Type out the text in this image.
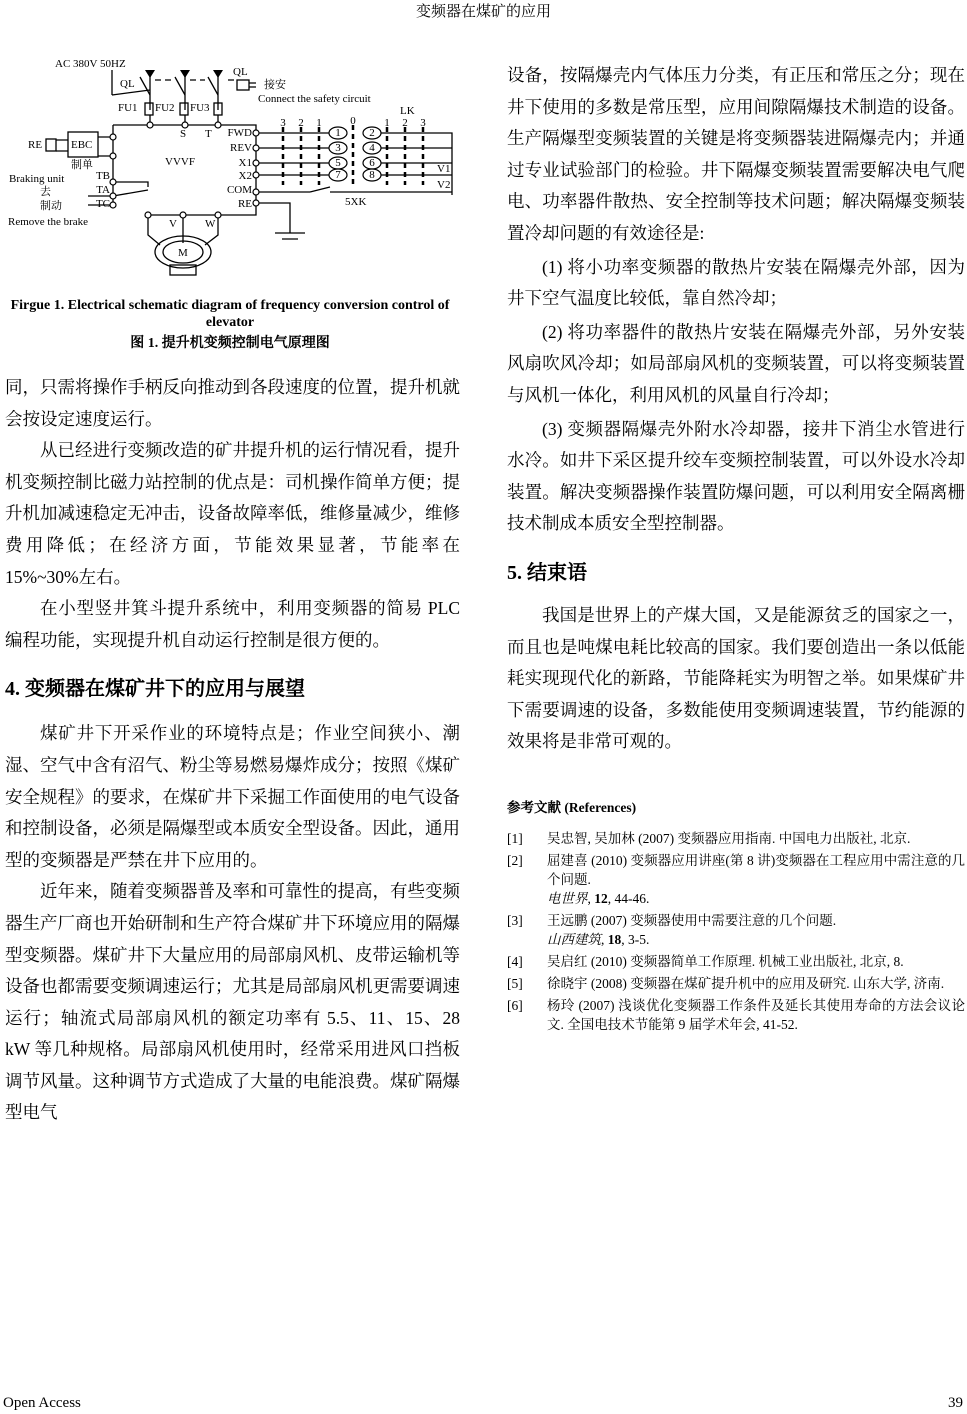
变频器在煤矿的应用
1	2
3	4
5	6
7	8
3 2 1	0	1 2 3
AC 380V 50HZ
QL
QL
接安
Connect the safety circuit
FU1 FU2 FU3	LK
S T FWD
REV
X1
X2
COM
RE
TB
TA
TC
RE	EBC
制单
Braking unit
去
制动
Remove the brake
VVVF
V	W
M
V1
V2
5XK
Firgue 1. Electrical schematic diagram of frequency conversion control of elevator
图 1. 提升机变频控制电气原理图

同，只需将操作手柄反向推动到各段速度的位置，提升机就会按设定速度运行。

从已经进行变频改造的矿井提升机的运行情况看，提升机变频控制比磁力站控制的优点是：司机操作简单方便；提升机加减速稳定无冲击，设备故障率低，维修量减少，维修费用降低；在经济方面，节能效果显著，节能率在 15%~30%左右。

在小型竖井箕斗提升系统中，利用变频器的简易 PLC 编程功能，实现提升机自动运行控制是很方便的。

4. 变频器在煤矿井下的应用与展望

煤矿井下开采作业的环境特点是；作业空间狭小、潮湿、空气中含有沼气、粉尘等易燃易爆炸成分；按照《煤矿安全规程》的要求，在煤矿井下采掘工作面使用的电气设备和控制设备，必须是隔爆型或本质安全型设备。因此，通用型的变频器是严禁在井下应用的。

近年来，随着变频器普及率和可靠性的提高，有些变频器生产厂商也开始研制和生产符合煤矿井下环境应用的隔爆型变频器。煤矿井下大量应用的局部扇风机、皮带运输机等设备也都需要变频调速运行；尤其是局部扇风机更需要调速运行；轴流式局部扇风机的额定功率有 5.5、11、15、28 kW 等几种规格。局部扇风机使用时，经常采用进风口挡板调节风量。这种调节方式造成了大量的电能浪费。煤矿隔爆型电气

设备，按隔爆壳内气体压力分类，有正压和常压之分；现在井下使用的多数是常压型，应用间隙隔爆技术制造的设备。生产隔爆型变频装置的关键是将变频器装进隔爆壳内；并通过专业试验部门的检验。井下隔爆变频装置需要解决电气爬电、功率器件散热、安全控制等技术问题；解决隔爆变频装置冷却问题的有效途径是:

(1) 将小功率变频器的散热片安装在隔爆壳外部，因为井下空气温度比较低，靠自然冷却；

(2) 将功率器件的散热片安装在隔爆壳外部，另外安装风扇吹风冷却；如局部扇风机的变频装置，可以将变频装置与风机一体化，利用风机的风量自行冷却；

(3) 变频器隔爆壳外附水冷却器，接井下消尘水管进行水冷。如井下采区提升绞车变频控制装置，可以外设水冷却装置。解决变频器操作装置防爆问题，可以利用安全隔离栅技术制成本质安全型控制器。

5. 结束语

我国是世界上的产煤大国，又是能源贫乏的国家之一，而且也是吨煤电耗比较高的国家。我们要创造出一条以低能耗实现现代化的新路，节能降耗实为明智之举。如果煤矿井下需要调速的设备，多数能使用变频调速装置，节约能源的效果将是非常可观的。

参考文献 (References)
[1]	吴忠智, 吴加林 (2007) 变频器应用指南. 中国电力出版社, 北京.
[2]	屈建喜 (2010) 变频器应用讲座(第 8 讲)变频器在工程应用中需注意的几个问题.
电世界, 12, 44-46.
[3]	王远鹏 (2007) 变频器使用中需要注意的几个问题.
山西建筑, 18, 3-5.
[4]	吴启红 (2010) 变频器简单工作原理. 机械工业出版社, 北京, 8.
[5]	徐晓宇 (2008) 变频器在煤矿提升机中的应用及研究. 山东大学, 济南.
[6]	杨玲 (2007) 浅谈优化变频器工作条件及延长其使用寿命的方法会议论文. 全国电技术节能第 9 届学术年会, 41-52.
Open Access	39
